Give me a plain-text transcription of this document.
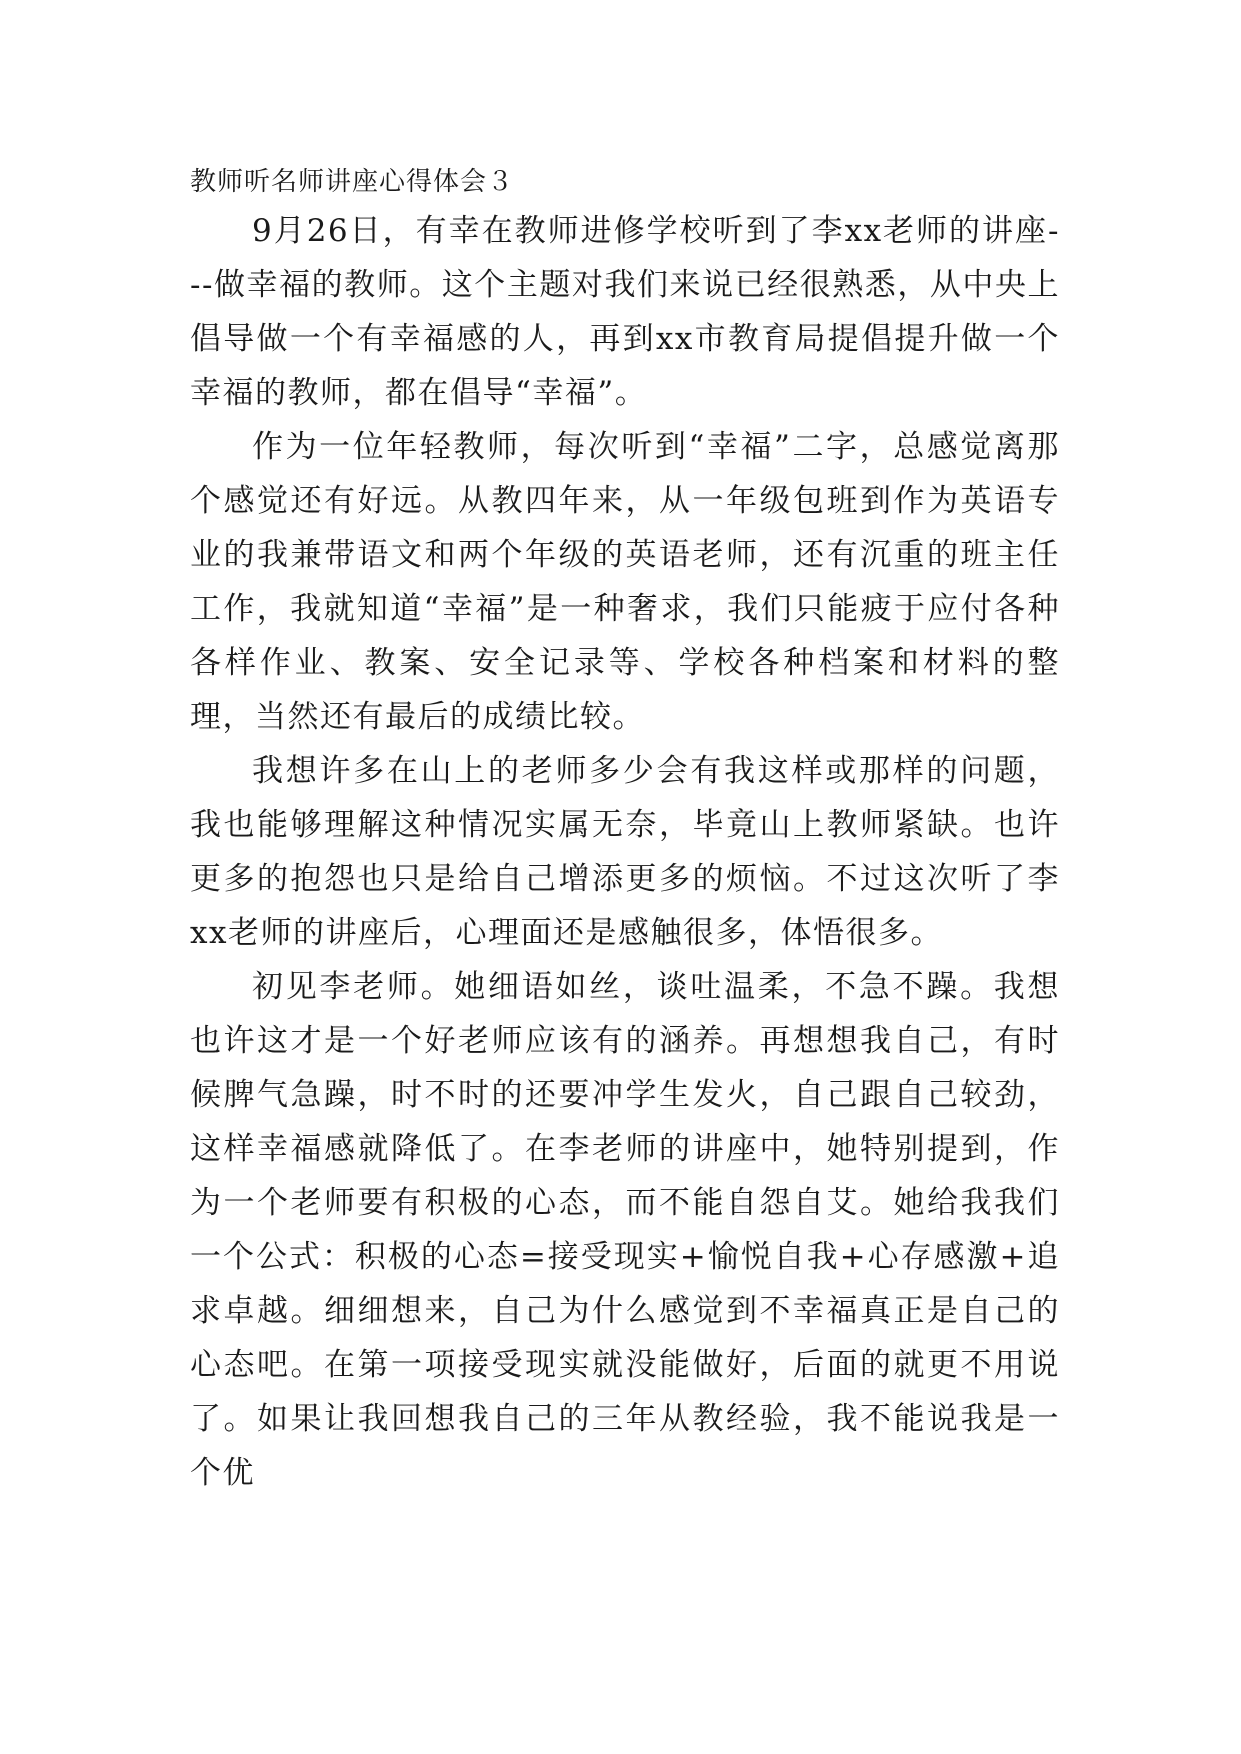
教师听名师讲座心得体会３

9月26日，有幸在教师进修学校听到了李xx老师的讲座---做幸福的教师。这个主题对我们来说已经很熟悉，从中央上倡导做一个有幸福感的人，再到xx市教育局提倡提升做一个幸福的教师，都在倡导“幸福”。

作为一位年轻教师，每次听到“幸福”二字，总感觉离那个感觉还有好远。从教四年来，从一年级包班到作为英语专业的我兼带语文和两个年级的英语老师，还有沉重的班主任工作，我就知道“幸福”是一种奢求，我们只能疲于应付各种各样作业、教案、安全记录等、学校各种档案和材料的整理，当然还有最后的成绩比较。

我想许多在山上的老师多少会有我这样或那样的问题，我也能够理解这种情况实属无奈，毕竟山上教师紧缺。也许更多的抱怨也只是给自己增添更多的烦恼。不过这次听了李xx老师的讲座后，心理面还是感触很多，体悟很多。

初见李老师。她细语如丝，谈吐温柔，不急不躁。我想也许这才是一个好老师应该有的涵养。再想想我自己，有时候脾气急躁，时不时的还要冲学生发火，自己跟自己较劲，这样幸福感就降低了。在李老师的讲座中，她特别提到，作为一个老师要有积极的心态，而不能自怨自艾。她给我我们一个公式：积极的心态=接受现实+愉悦自我+心存感激+追求卓越。细细想来，自己为什么感觉到不幸福真正是自己的心态吧。在第一项接受现实就没能做好，后面的就更不用说了。如果让我回想我自己的三年从教经验，我不能说我是一个优
